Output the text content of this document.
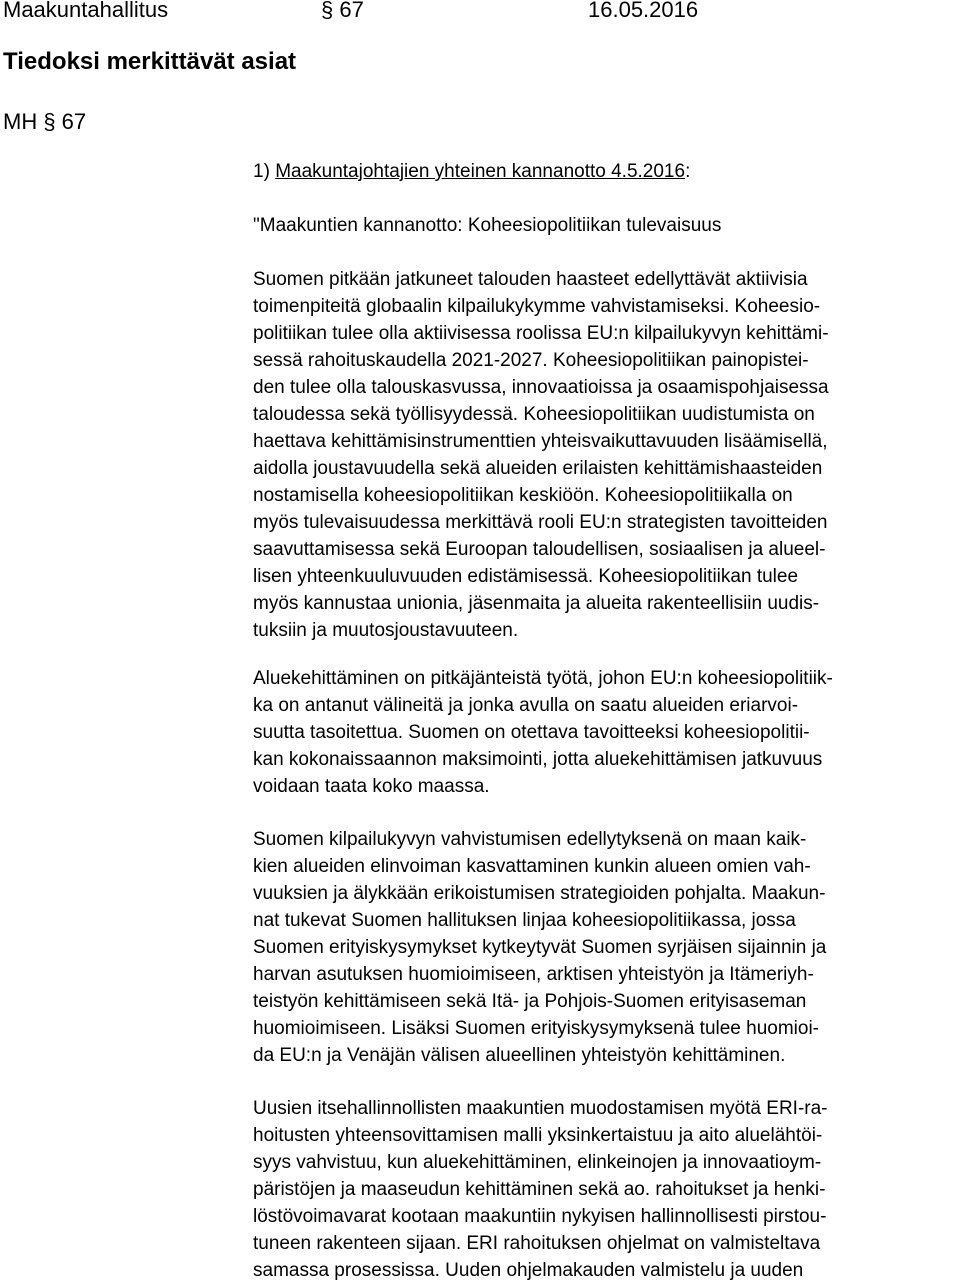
Maakuntahallitus	§ 67	16.05.2016
Tiedoksi merkittävät asiat
MH § 67
1) Maakuntajohtajien yhteinen kannanotto 4.5.2016:
"Maakuntien kannanotto: Koheesiopolitiikan tulevaisuus
Suomen pitkään jatkuneet talouden haasteet edellyttävät aktiivisia
toimenpiteitä globaalin kilpailukykymme vahvistamiseksi. Koheesio-
politiikan tulee olla aktiivisessa roolissa EU:n kilpailukyvyn kehittämi-
sessä rahoituskaudella 2021-2027. Koheesiopolitiikan painopistei-
den tulee olla talouskasvussa, innovaatioissa ja osaamispohjaisessa
taloudessa sekä työllisyydessä. Koheesiopolitiikan uudistumista on
haettava kehittämisinstrumenttien yhteisvaikuttavuuden lisäämisellä,
aidolla joustavuudella sekä alueiden erilaisten kehittämishaasteiden
nostamisella koheesiopolitiikan keskiöön. Koheesiopolitiikalla on
myös tulevaisuudessa merkittävä rooli EU:n strategisten tavoitteiden
saavuttamisessa sekä Euroopan taloudellisen, sosiaalisen ja alueel-
lisen yhteenkuuluvuuden edistämisessä. Koheesiopolitiikan tulee
myös kannustaa unionia, jäsenmaita ja alueita rakenteellisiin uudis-
tuksiin ja muutosjoustavuuteen.
Aluekehittäminen on pitkäjänteistä työtä, johon EU:n koheesiopolitiik-
ka on antanut välineitä ja jonka avulla on saatu alueiden eriarvoi-
suutta tasoitettua. Suomen on otettava tavoitteeksi koheesiopolitii-
kan kokonaissaannon maksimointi, jotta aluekehittämisen jatkuvuus
voidaan taata koko maassa.
Suomen kilpailukyvyn vahvistumisen edellytyksenä on maan kaik-
kien alueiden elinvoiman kasvattaminen kunkin alueen omien vah-
vuuksien ja älykkään erikoistumisen strategioiden pohjalta. Maakun-
nat tukevat Suomen hallituksen linjaa koheesiopolitiikassa, jossa
Suomen erityiskysymykset kytkeytyvät Suomen syrjäisen sijainnin ja
harvan asutuksen huomioimiseen, arktisen yhteistyön ja Itämeriyh-
teistyön kehittämiseen sekä Itä- ja Pohjois-Suomen erityisaseman
huomioimiseen. Lisäksi Suomen erityiskysymyksenä tulee huomioi-
da EU:n ja Venäjän välisen alueellinen yhteistyön kehittäminen.
Uusien itsehallinnollisten maakuntien muodostamisen myötä ERI-ra-
hoitusten yhteensovittamisen malli yksinkertaistuu ja aito aluelähtöi-
syys vahvistuu, kun aluekehittäminen, elinkeinojen ja innovaatioym-
päristöjen ja maaseudun kehittäminen sekä ao. rahoitukset ja henki-
löstövoimavarat kootaan maakuntiin nykyisen hallinnollisesti pirstou-
tuneen rakenteen sijaan. ERI rahoituksen ohjelmat on valmisteltava
samassa prosessissa. Uuden ohjelmakauden valmistelu ja uuden
